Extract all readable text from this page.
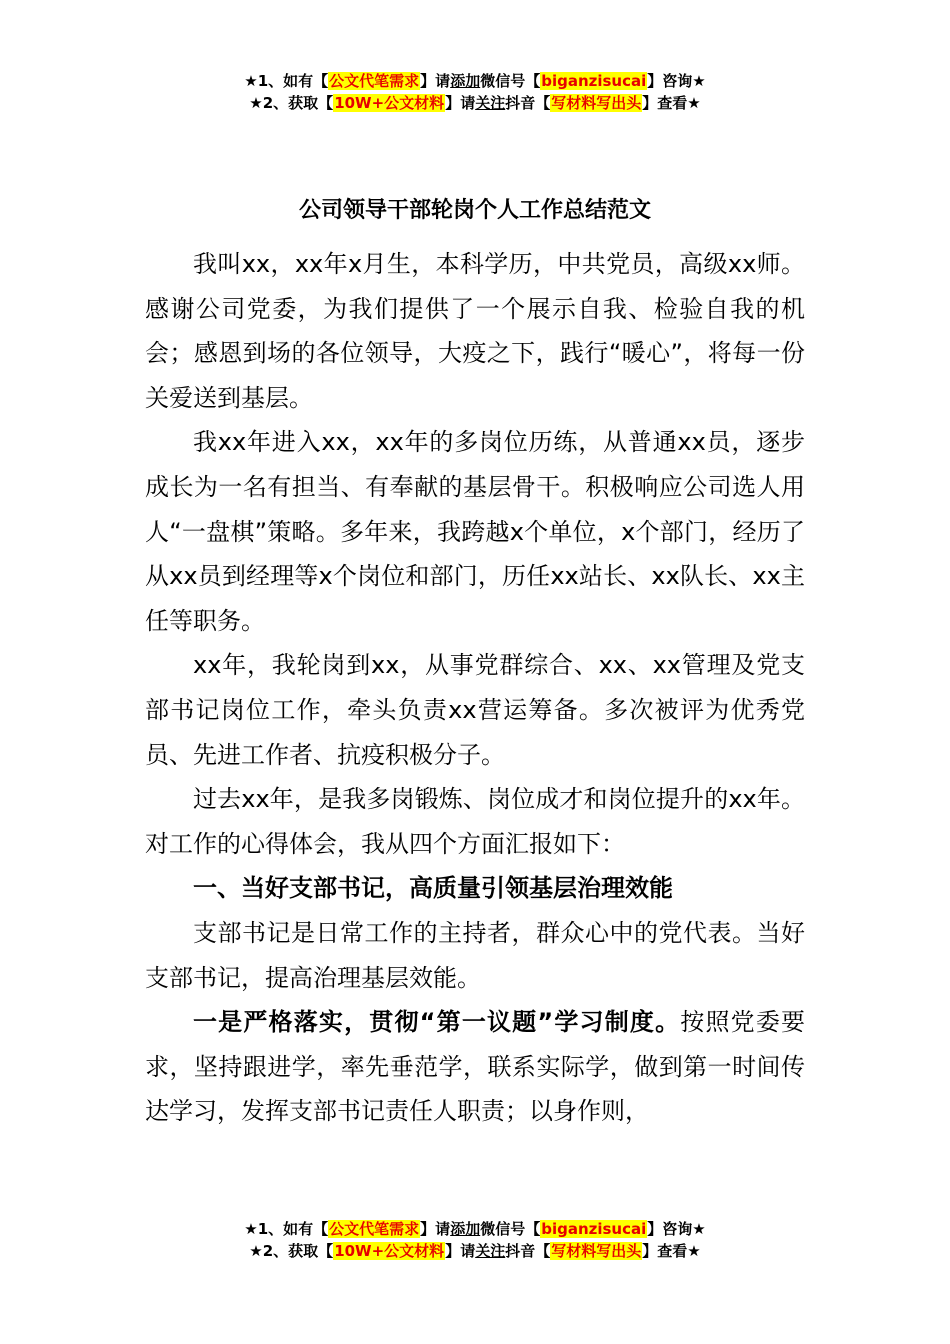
★1、如有【公文代笔需求】请添加微信号【biganzisucai】咨询★
★2、获取【10W+公文材料】请关注抖音【写材料写出头】查看★
公司领导干部轮岗个人工作总结范文

我叫xx，xx年x月生，本科学历，中共党员，高级xx师。感谢公司党委，为我们提供了一个展示自我、检验自我的机会；感恩到场的各位领导，大疫之下，践行“暖心”，将每一份关爱送到基层。

我xx年进入xx，xx年的多岗位历练，从普通xx员，逐步成长为一名有担当、有奉献的基层骨干。积极响应公司选人用人“一盘棋”策略。多年来，我跨越x个单位，x个部门，经历了从xx员到经理等x个岗位和部门，历任xx站长、xx队长、xx主任等职务。

xx年，我轮岗到xx，从事党群综合、xx、xx管理及党支部书记岗位工作，牵头负责xx营运筹备。多次被评为优秀党员、先进工作者、抗疫积极分子。

过去xx年，是我多岗锻炼、岗位成才和岗位提升的xx年。对工作的心得体会，我从四个方面汇报如下：

一、当好支部书记，高质量引领基层治理效能

支部书记是日常工作的主持者，群众心中的党代表。当好支部书记，提高治理基层效能。

一是严格落实，贯彻“第一议题”学习制度。按照党委要求，坚持跟进学，率先垂范学，联系实际学，做到第一时间传达学习，发挥支部书记责任人职责；以身作则，

★1、如有【公文代笔需求】请添加微信号【biganzisucai】咨询★
★2、获取【10W+公文材料】请关注抖音【写材料写出头】查看★
